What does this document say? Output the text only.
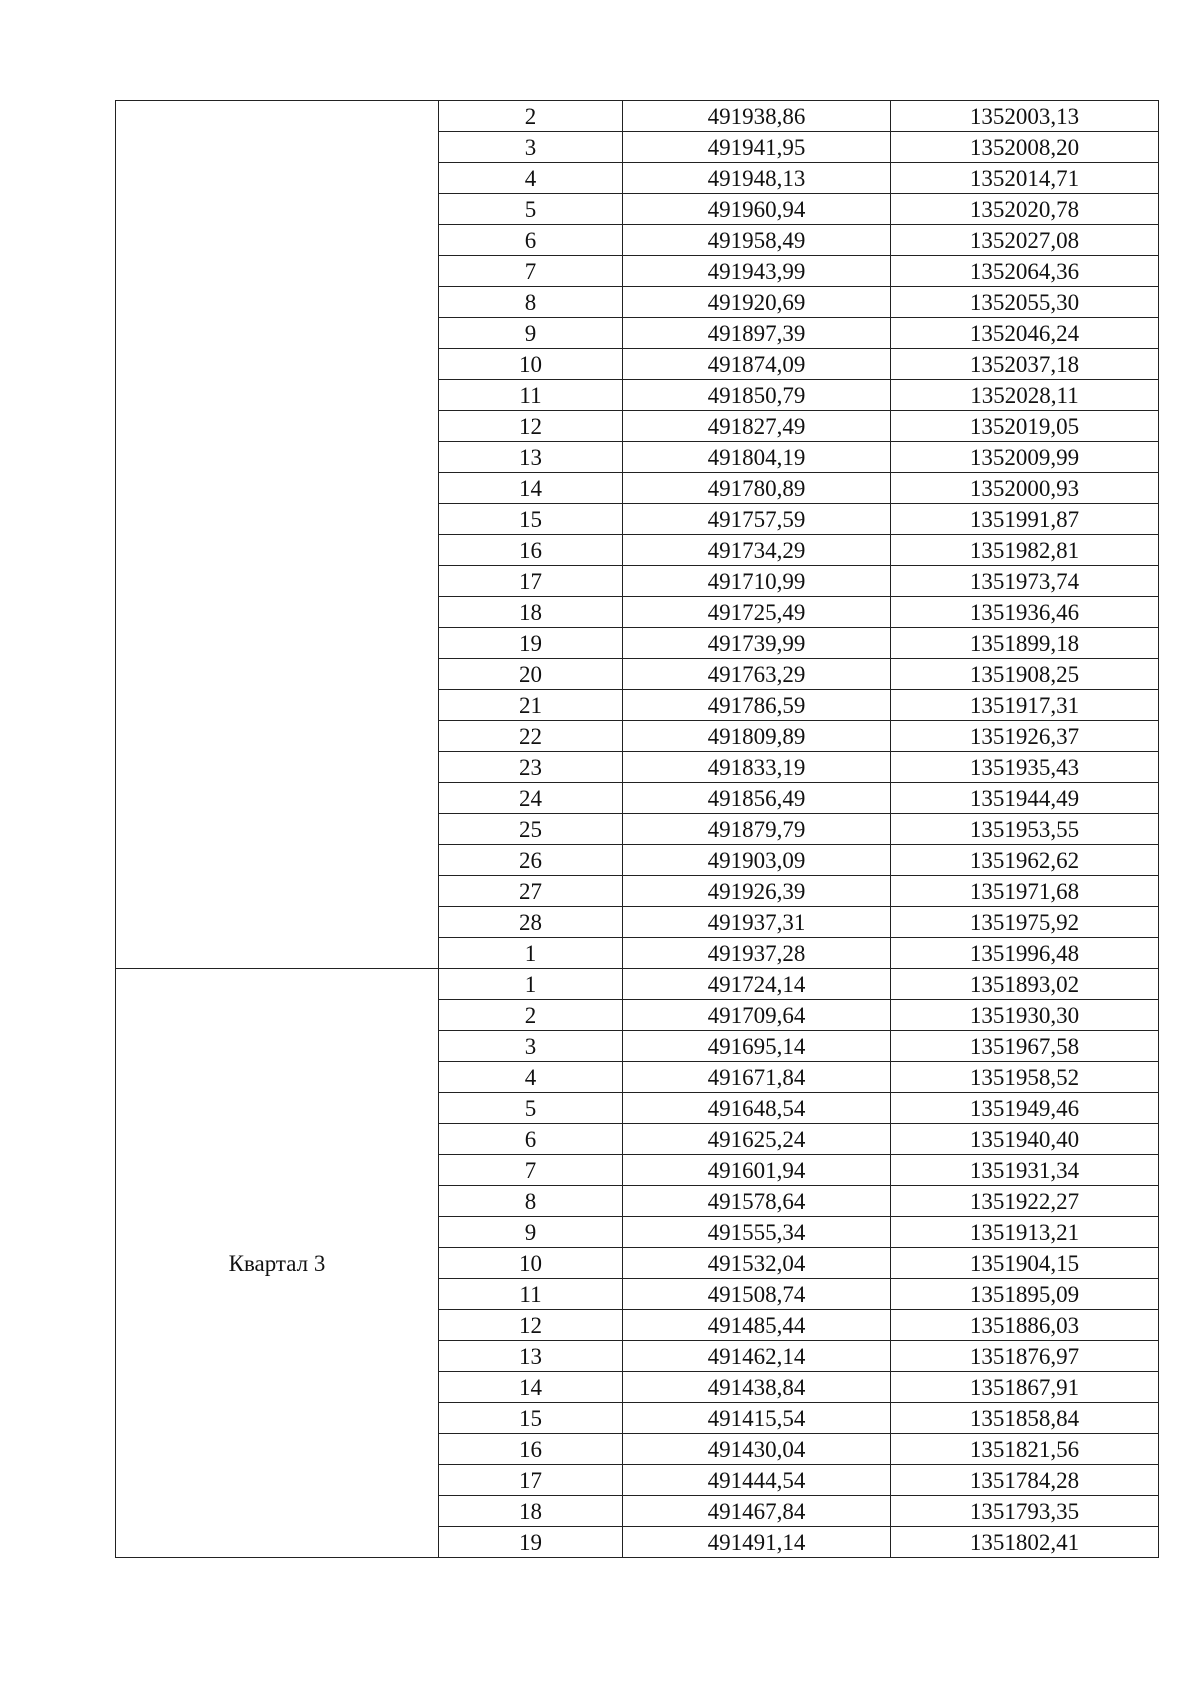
	2	491938,86	1352003,13
	3	491941,95	1352008,20
	4	491948,13	1352014,71
	5	491960,94	1352020,78
	6	491958,49	1352027,08
	7	491943,99	1352064,36
	8	491920,69	1352055,30
	9	491897,39	1352046,24
	10	491874,09	1352037,18
	11	491850,79	1352028,11
	12	491827,49	1352019,05
	13	491804,19	1352009,99
	14	491780,89	1352000,93
	15	491757,59	1351991,87
	16	491734,29	1351982,81
	17	491710,99	1351973,74
	18	491725,49	1351936,46
	19	491739,99	1351899,18
	20	491763,29	1351908,25
	21	491786,59	1351917,31
	22	491809,89	1351926,37
	23	491833,19	1351935,43
	24	491856,49	1351944,49
	25	491879,79	1351953,55
	26	491903,09	1351962,62
	27	491926,39	1351971,68
	28	491937,31	1351975,92
	1	491937,28	1351996,48
Квартал 3	1	491724,14	1351893,02
	2	491709,64	1351930,30
	3	491695,14	1351967,58
	4	491671,84	1351958,52
	5	491648,54	1351949,46
	6	491625,24	1351940,40
	7	491601,94	1351931,34
	8	491578,64	1351922,27
	9	491555,34	1351913,21
	10	491532,04	1351904,15
	11	491508,74	1351895,09
	12	491485,44	1351886,03
	13	491462,14	1351876,97
	14	491438,84	1351867,91
	15	491415,54	1351858,84
	16	491430,04	1351821,56
	17	491444,54	1351784,28
	18	491467,84	1351793,35
	19	491491,14	1351802,41
